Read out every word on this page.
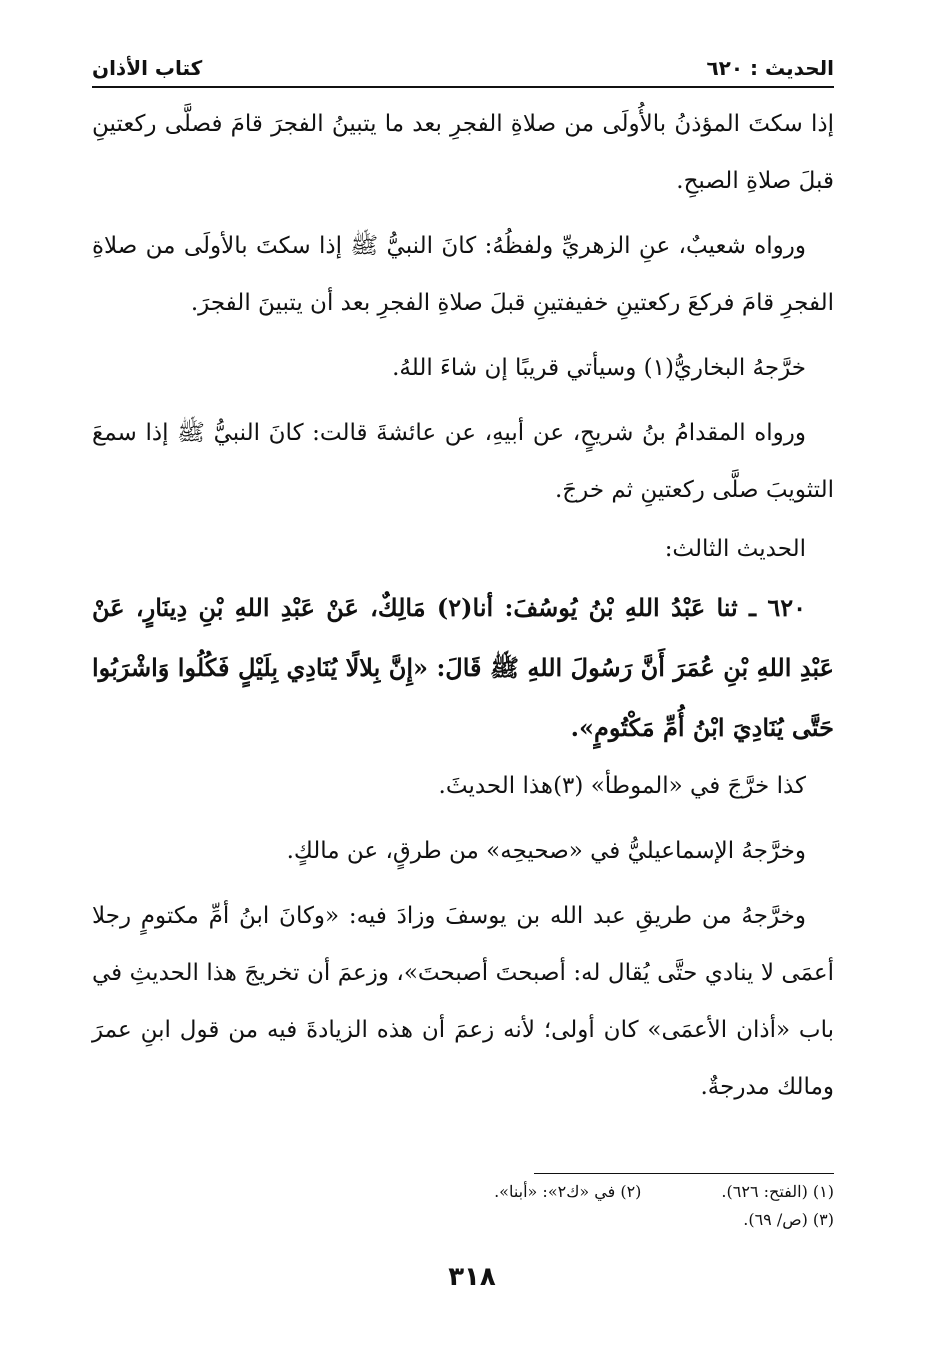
الحديث : ٦٢٠
كتاب الأذان

إذا سكتَ المؤذنُ بالأُولَى من صلاةِ الفجرِ بعد ما يتبينُ الفجرَ قامَ فصلَّى ركعتينِ قبلَ صلاةِ الصبحِ.

ورواه شعيبٌ، عنِ الزهريِّ ولفظُهُ: كانَ النبيُّ ﷺ إذا سكتَ بالأولَى من صلاةِ الفجرِ قامَ فركعَ ركعتينِ خفيفتينِ قبلَ صلاةِ الفجرِ بعد أن يتبينَ الفجرَ.

خرَّجهُ البخاريُّ(١) وسيأتي قريبًا إن شاءَ اللهُ.

ورواه المقدامُ بنُ شريحٍ، عن أبيهِ، عن عائشةَ قالت: كانَ النبيُّ ﷺ إذا سمعَ التثويبَ صلَّى ركعتينِ ثم خرجَ.

الحديث الثالث:

٦٢٠ ـ ثنا عَبْدُ اللهِ بْنُ يُوسُفَ: أنا(٢) مَالِكٌ، عَنْ عَبْدِ اللهِ بْنِ دِينَارٍ، عَنْ عَبْدِ اللهِ بْنِ عُمَرَ أَنَّ رَسُولَ اللهِ ﷺ قَالَ: «إِنَّ بِلالًا يُنَادِي بِلَيْلٍ فَكُلُوا وَاشْرَبُوا حَتَّى يُنَادِيَ ابْنُ أُمِّ مَكْتُومٍ».

كذا خرَّجَ في «الموطأ» (٣)هذا الحديثَ.

وخرَّجهُ الإسماعيليُّ في «صحيحِه» من طرقٍ، عن مالكٍ.

وخرَّجهُ من طريقِ عبد الله بن يوسفَ وزادَ فيه: «وكانَ ابنُ أمِّ مكتومٍ رجلا أعمَى لا ينادي حتَّى يُقال له: أصبحتَ أصبحتَ»، وزعمَ أن تخريجَ هذا الحديثِ في باب «أذان الأعمَى» كان أولى؛ لأنه زعمَ أن هذه الزيادةَ فيه من قول ابنِ عمرَ ومالك مدرجةٌ.

(١) (الفتح: ٦٢٦).
(٢) في «ك٢»: «أبنا».
(٣) (ص/ ٦٩).
٣١٨
